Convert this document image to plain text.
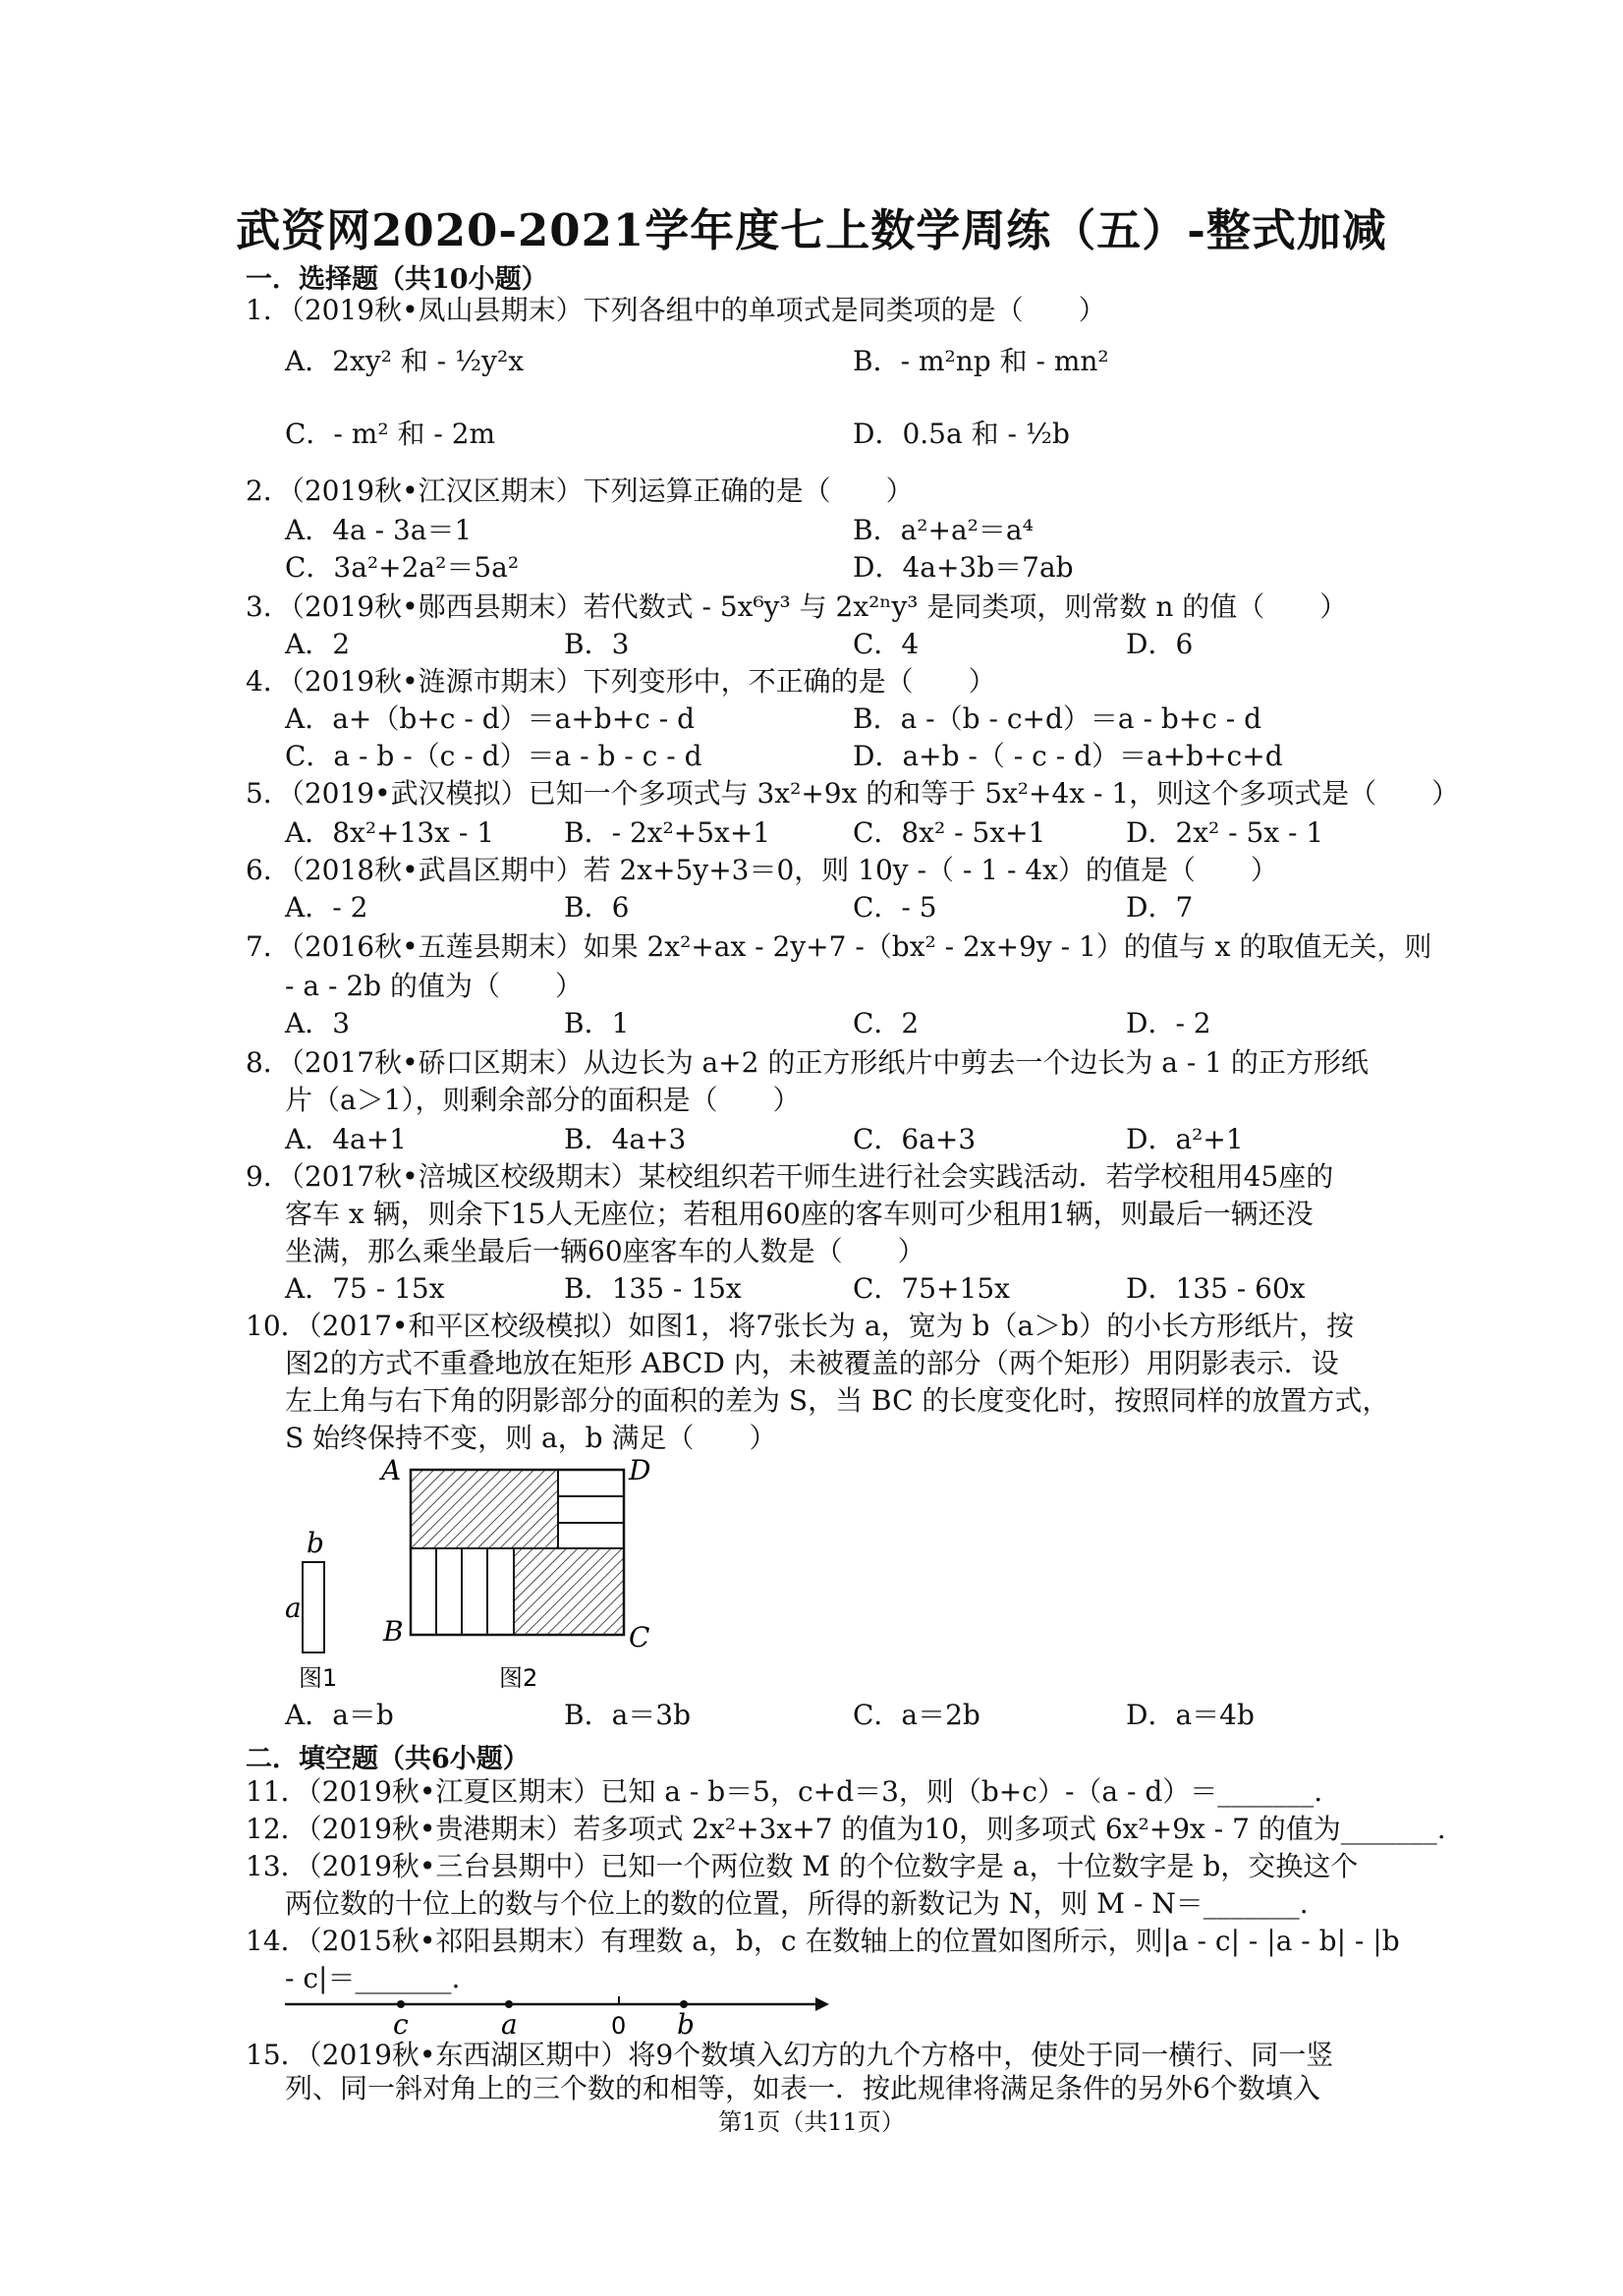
武资网2020-2021学年度七上数学周练（五）-整式加减
一．选择题（共10小题）
1．（2019秋•凤山县期末）下列各组中的单项式是同类项的是（　　）
A．2xy² 和 - ½y²x	B．- m²np 和 - mn²
C．- m² 和 - 2m	D．0.5a 和 - ½b
2．（2019秋•江汉区期末）下列运算正确的是（　　）
A．4a - 3a＝1	B．a²+a²＝a⁴
C．3a²+2a²＝5a²	D．4a+3b＝7ab
3．（2019秋•郧西县期末）若代数式 - 5x⁶y³ 与 2x²ⁿy³ 是同类项，则常数 n 的值（　　）
A．2	B．3	C．4	D．6
4．（2019秋•涟源市期末）下列变形中，不正确的是（　　）
A．a+（b+c - d）＝a+b+c - d	B．a -（b - c+d）＝a - b+c - d
C．a - b -（c - d）＝a - b - c - d	D．a+b -（ - c - d）＝a+b+c+d
5．（2019•武汉模拟）已知一个多项式与 3x²+9x 的和等于 5x²+4x - 1，则这个多项式是（　　）
A．8x²+13x - 1	B．- 2x²+5x+1	C．8x² - 5x+1	D．2x² - 5x - 1
6．（2018秋•武昌区期中）若 2x+5y+3＝0，则 10y -（ - 1 - 4x）的值是（　　）
A．- 2	B．6	C．- 5	D．7
7．（2016秋•五莲县期末）如果 2x²+ax - 2y+7 -（bx² - 2x+9y - 1）的值与 x 的取值无关，则
- a - 2b 的值为（　　）
A．3	B．1	C．2	D．- 2
8．（2017秋•硚口区期末）从边长为 a+2 的正方形纸片中剪去一个边长为 a - 1 的正方形纸
片（a＞1），则剩余部分的面积是（　　）
A．4a+1	B．4a+3	C．6a+3	D．a²+1
9．（2017秋•涪城区校级期末）某校组织若干师生进行社会实践活动．若学校租用45座的
客车 x 辆，则余下15人无座位；若租用60座的客车则可少租用1辆，则最后一辆还没
坐满，那么乘坐最后一辆60座客车的人数是（　　）
A．75 - 15x	B．135 - 15x	C．75+15x	D．135 - 60x
10．（2017•和平区校级模拟）如图1，将7张长为 a，宽为 b（a＞b）的小长方形纸片，按
图2的方式不重叠地放在矩形 ABCD 内，未被覆盖的部分（两个矩形）用阴影表示．设
左上角与右下角的阴影部分的面积的差为 S，当 BC 的长度变化时，按照同样的放置方式，
S 始终保持不变，则 a，b 满足（　　）
b
a
图1
A	D
B	C
图2
A．a＝b	B．a＝3b	C．a＝2b	D．a＝4b
二．填空题（共6小题）
11．（2019秋•江夏区期末）已知 a - b＝5，c+d＝3，则（b+c）-（a - d）＝_______.
12．（2019秋•贵港期末）若多项式 2x²+3x+7 的值为10，则多项式 6x²+9x - 7 的值为_______.
13．（2019秋•三台县期中）已知一个两位数 M 的个位数字是 a，十位数字是 b，交换这个
两位数的十位上的数与个位上的数的位置，所得的新数记为 N，则 M - N＝_______.
14．（2015秋•祁阳县期末）有理数 a，b，c 在数轴上的位置如图所示，则|a - c| - |a - b| - |b
- c|＝_______.
c	a	0 b
15．（2019秋•东西湖区期中）将9个数填入幻方的九个方格中，使处于同一横行、同一竖
列、同一斜对角上的三个数的和相等，如表一．按此规律将满足条件的另外6个数填入
第1页（共11页）
